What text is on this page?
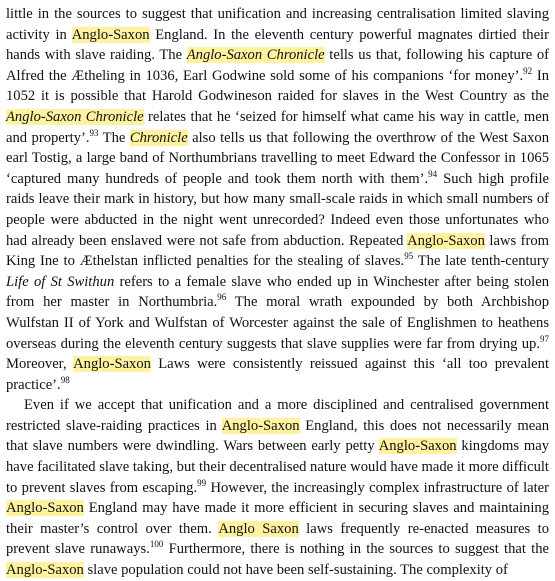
little in the sources to suggest that unification and increasing centralisation limited slaving activity in Anglo-Saxon England. In the eleventh century powerful magnates dirtied their hands with slave raiding. The Anglo-Saxon Chronicle tells us that, following his capture of Alfred the Ætheling in 1036, Earl Godwine sold some of his companions ‘for money’.$^{92}$ In 1052 it is possible that Harold Godwineson raided for slaves in the West Country as the Anglo-Saxon Chronicle relates that he ‘seized for himself what came his way in cattle, men and property’.$^{93}$ The Chronicle also tells us that following the overthrow of the West Saxon earl Tostig, a large band of Northumbrians travelling to meet Edward the Confessor in 1065 ‘captured many hundreds of people and took them north with them’.$^{94}$ Such high profile raids leave their mark in history, but how many small-scale raids in which small numbers of people were abducted in the night went unrecorded? Indeed even those unfortunates who had already been enslaved were not safe from abduction. Repeated Anglo-Saxon laws from King Ine to Æthelstan inflicted penalties for the stealing of slaves.$^{95}$ The late tenth-century Life of St Swithun refers to a female slave who ended up in Winchester after being stolen from her master in Northumbria.$^{96}$ The moral wrath expounded by both Archbishop Wulfstan II of York and Wulfstan of Worcester against the sale of Englishmen to heathens overseas during the eleventh century suggests that slave supplies were far from drying up.$^{97}$ Moreover, Anglo-Saxon Laws were consistently reissued against this ‘all too prevalent practice’.$^{98}$

Even if we accept that unification and a more disciplined and centralised government restricted slave-raiding practices in Anglo-Saxon England, this does not necessarily mean that slave numbers were dwindling. Wars between early petty Anglo-Saxon kingdoms may have facilitated slave taking, but their decentralised nature would have made it more difficult to prevent slaves from escaping.$^{99}$ However, the increasingly complex infrastructure of later Anglo-Saxon England may have made it more efficient in securing slaves and maintaining their master’s control over them. Anglo Saxon laws frequently re-enacted measures to prevent slave runaways.$^{100}$ Furthermore, there is nothing in the sources to suggest that the Anglo-Saxon slave population could not have been self-sustaining. The complexity of
